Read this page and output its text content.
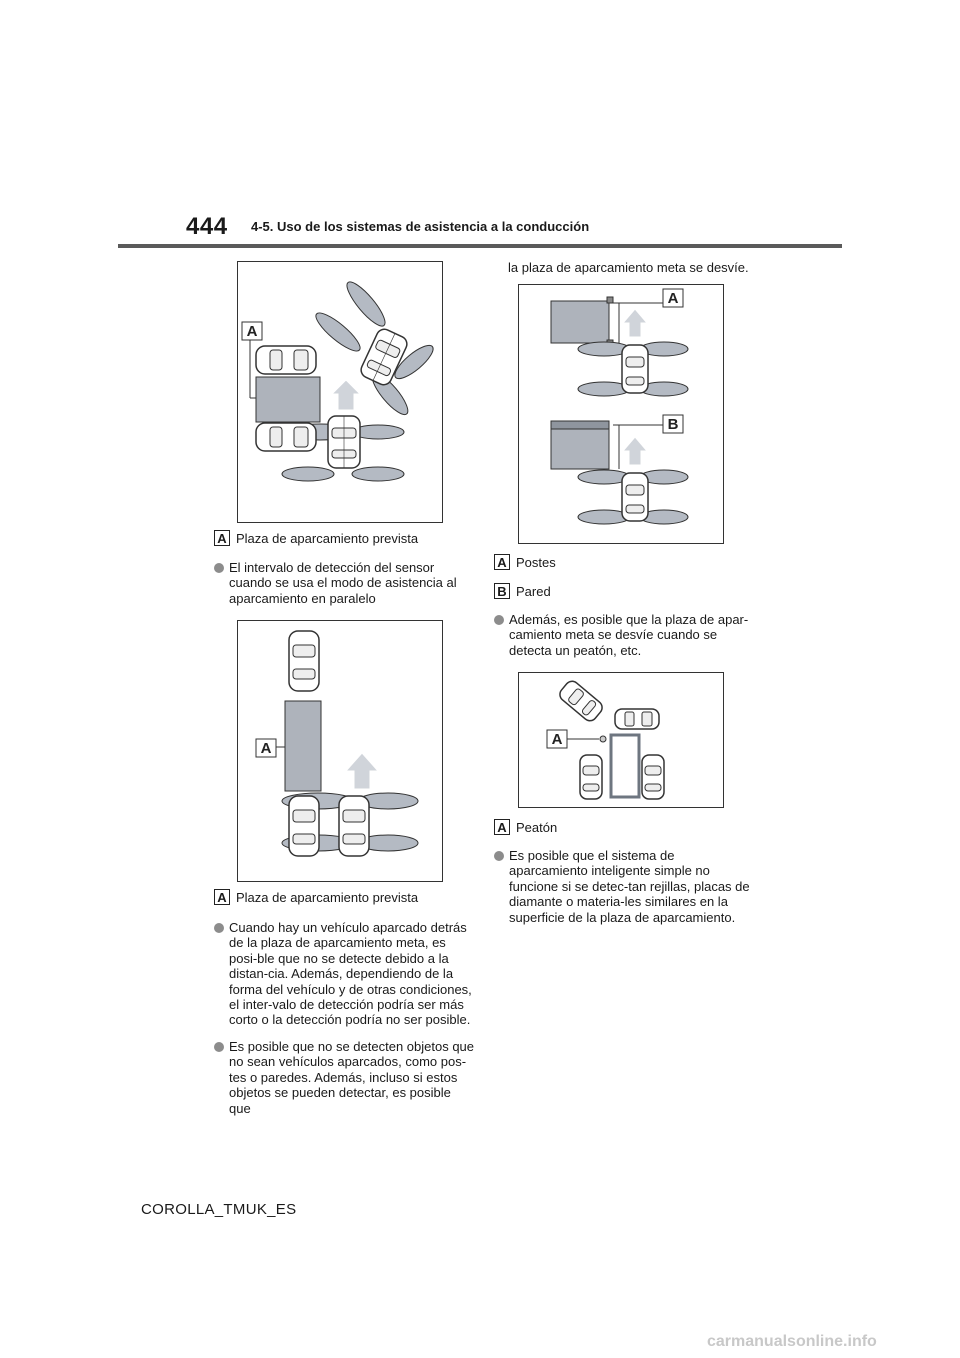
444 4-5. Uso de los sistemas de asistencia a la conducción
A
A Plaza de aparcamiento prevista
El intervalo de detección del sensor cuando se usa el modo de asistencia al aparcamiento en paralelo
A
A Plaza de aparcamiento prevista
Cuando hay un vehículo aparcado detrás de la plaza de aparcamiento meta, es posi-ble que no se detecte debido a la distan-cia. Además, dependiendo de la forma del vehículo y de otras condiciones, el inter-valo de detección podría ser más corto o la detección podría no ser posible.
Es posible que no se detecten objetos que no sean vehículos aparcados, como pos-tes o paredes. Además, incluso si estos objetos se pueden detectar, es posible que
la plaza de aparcamiento meta se desvíe.
A
B
A Postes
B Pared
Además, es posible que la plaza de apar-camiento meta se desvíe cuando se detecta un peatón, etc.
A
A Peatón
Es posible que el sistema de aparcamiento inteligente simple no funcione si se detec-tan rejillas, placas de diamante o materia-les similares en la superficie de la plaza de aparcamiento.
COROLLA_TMUK_ES
carmanualsonline.info
